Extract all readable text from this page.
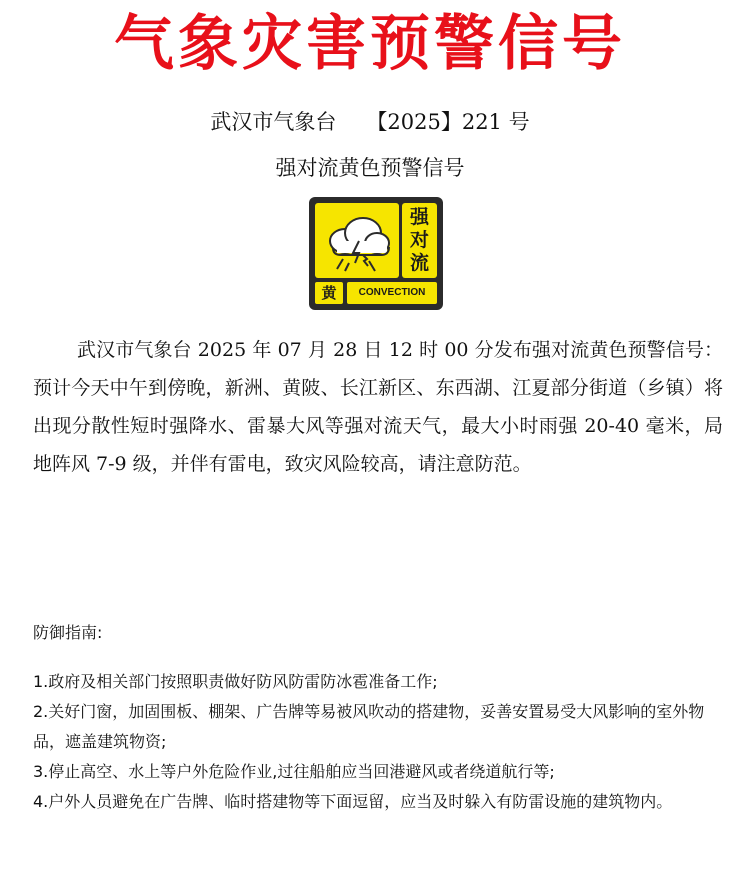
气象灾害预警信号
武汉市气象台 【2025】221 号
强对流黄色预警信号
强
对
流
黄	CONVECTION
武汉市气象台 2025 年 07 月 28 日 12 时 00 分发布强对流黄色预警信号：预计今天中午到傍晚，新洲、黄陂、长江新区、东西湖、江夏部分街道（乡镇）将出现分散性短时强降水、雷暴大风等强对流天气，最大小时雨强 20-40 毫米，局地阵风 7-9 级，并伴有雷电，致灾风险较高，请注意防范。
防御指南:
1.政府及相关部门按照职责做好防风防雷防冰雹准备工作;
2.关好门窗，加固围板、棚架、广告牌等易被风吹动的搭建物，妥善安置易受大风影响的室外物品，遮盖建筑物资;
3.停止高空、水上等户外危险作业,过往船舶应当回港避风或者绕道航行等;
4.户外人员避免在广告牌、临时搭建物等下面逗留，应当及时躲入有防雷设施的建筑物内。
